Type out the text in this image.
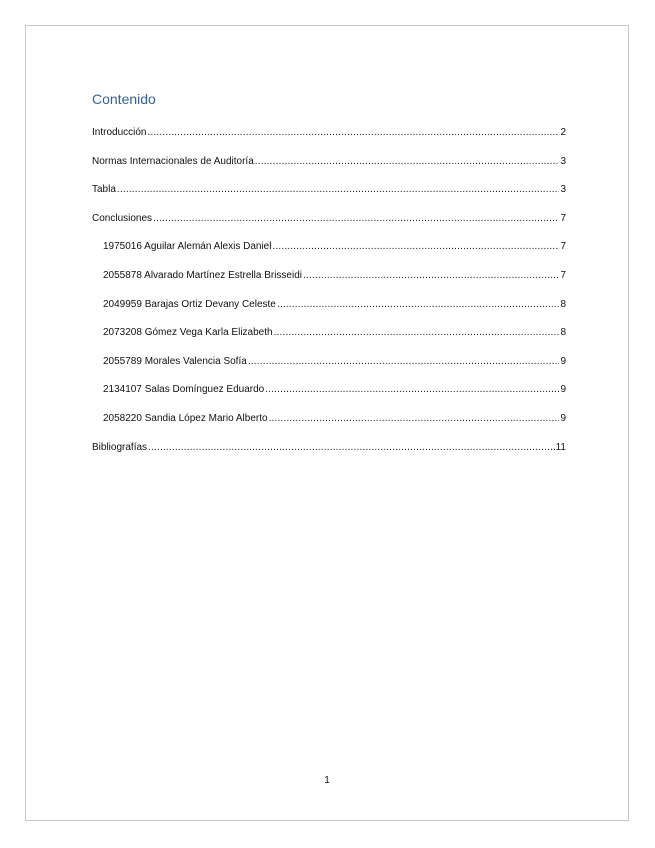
Contenido
Introducción .....	2
Normas Internacionales de Auditoría .....	3
Tabla .....	3
Conclusiones .....	7
1975016 Aguilar Alemán Alexis Daniel .....	7
2055878 Alvarado Martínez Estrella Brisseidi .....	7
2049959 Barajas Ortiz Devany Celeste .....	8
2073208 Gómez Vega Karla Elizabeth .....	8
2055789 Morales Valencia Sofía .....	9
2134107 Salas Domínguez Eduardo .....	9
2058220 Sandia López Mario Alberto .....	9
Bibliografías .....	11
1
